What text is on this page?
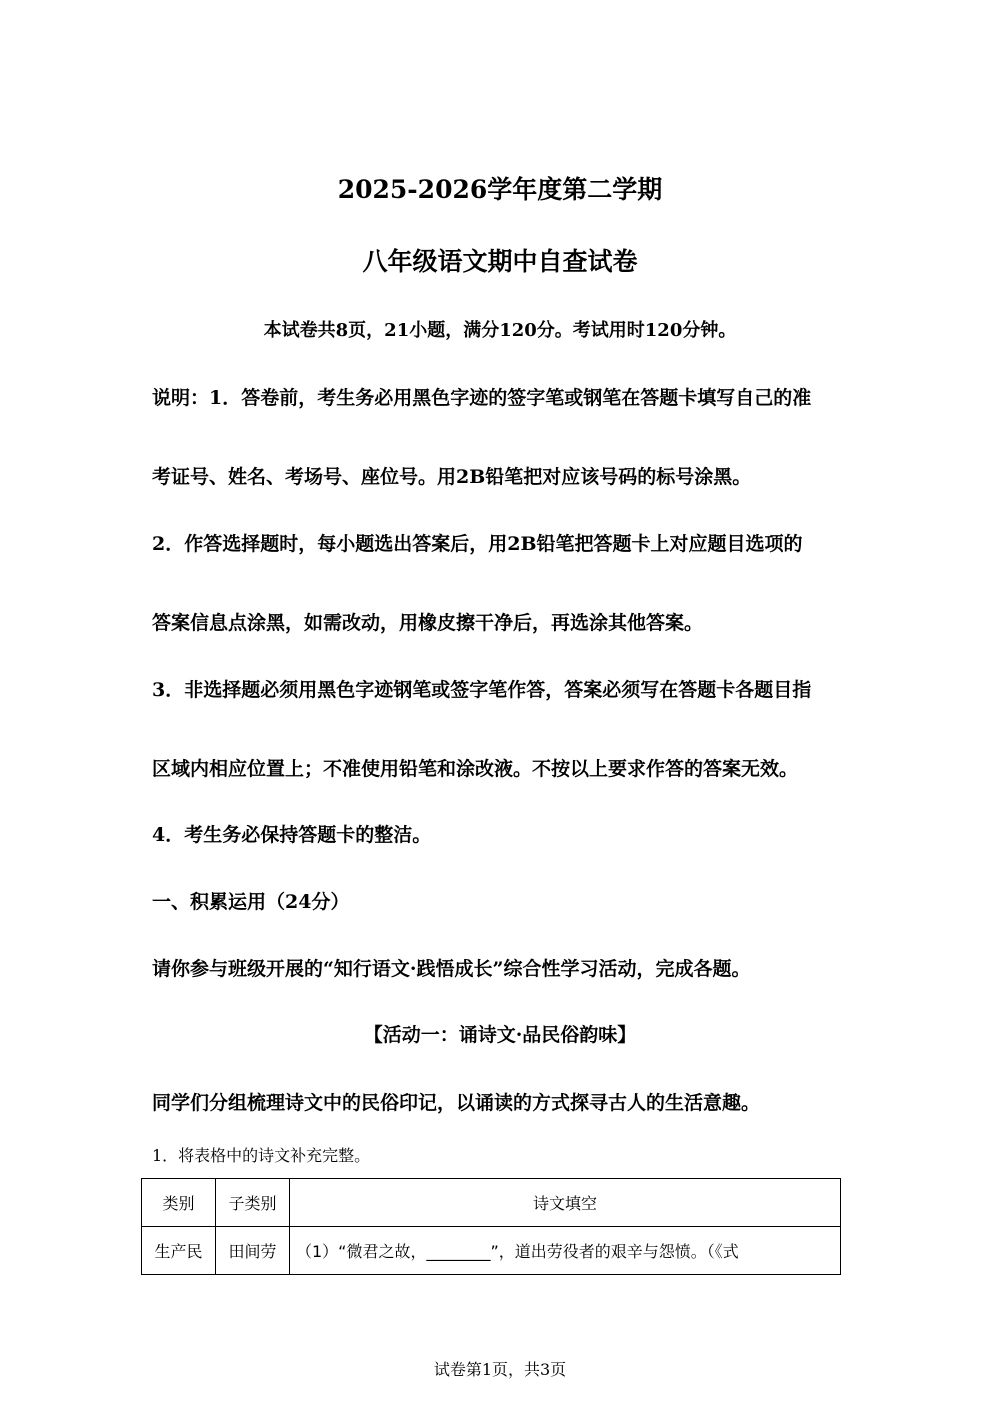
2025-2026学年度第二学期
八年级语文期中自查试卷
本试卷共8页，21小题，满分120分。考试用时120分钟。
说明：1．答卷前，考生务必用黑色字迹的签字笔或钢笔在答题卡填写自己的准
考证号、姓名、考场号、座位号。用2B铅笔把对应该号码的标号涂黑。
2．作答选择题时，每小题选出答案后，用2B铅笔把答题卡上对应题目选项的
答案信息点涂黑，如需改动，用橡皮擦干净后，再选涂其他答案。
3．非选择题必须用黑色字迹钢笔或签字笔作答，答案必须写在答题卡各题目指
区域内相应位置上；不准使用铅笔和涂改液。不按以上要求作答的答案无效。
4．考生务必保持答题卡的整洁。
一、积累运用（24分）
请你参与班级开展的“知行语文·践悟成长”综合性学习活动，完成各题。
【活动一：诵诗文·品民俗韵味】
同学们分组梳理诗文中的民俗印记，以诵读的方式探寻古人的生活意趣。
1．将表格中的诗文补充完整。
类别	子类别	诗文填空
生产民	田间劳	（1）“微君之故，________”，道出劳役者的艰辛与怨愤。（《式
试卷第1页，共3页
